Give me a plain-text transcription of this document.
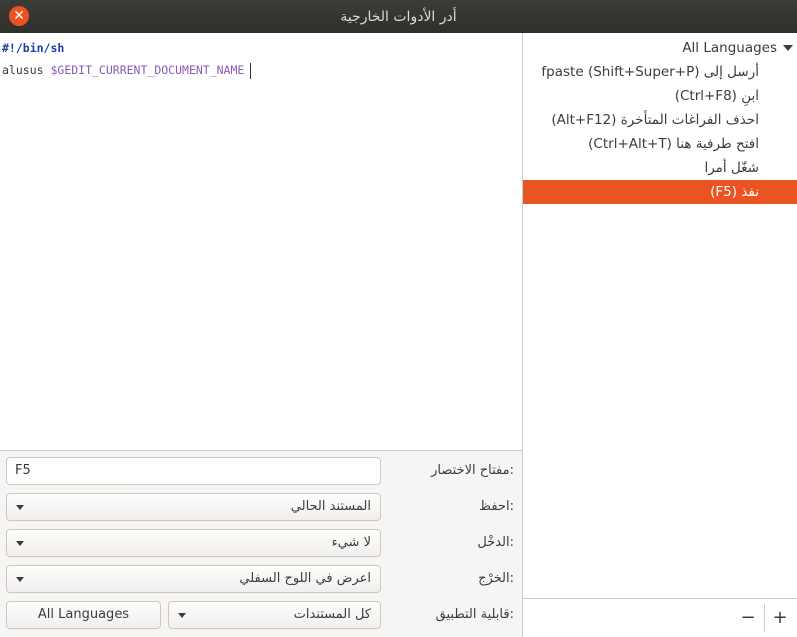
✕	أدر الأدوات الخارجية
#!/bin/sh
alusus $GEDIT_CURRENT_DOCUMENT_NAME
مفتاح الاختصار:
F5
احفظ:
المستند الحالي
الدخْل:
لا شيء
الخرْج:
اعرض في اللوح السفلي
قابلية التطبيق:
كل المستندات
All Languages
All Languages
أرسل إلى fpaste (Shift+Super+P)
ابنِ (Ctrl+F8)
احذف الفراغات المتأخرة (Alt+F12)
افتح طرفية هنا (Ctrl+Alt+T)
شغّل أمرا
نفذ (F5)
− +
